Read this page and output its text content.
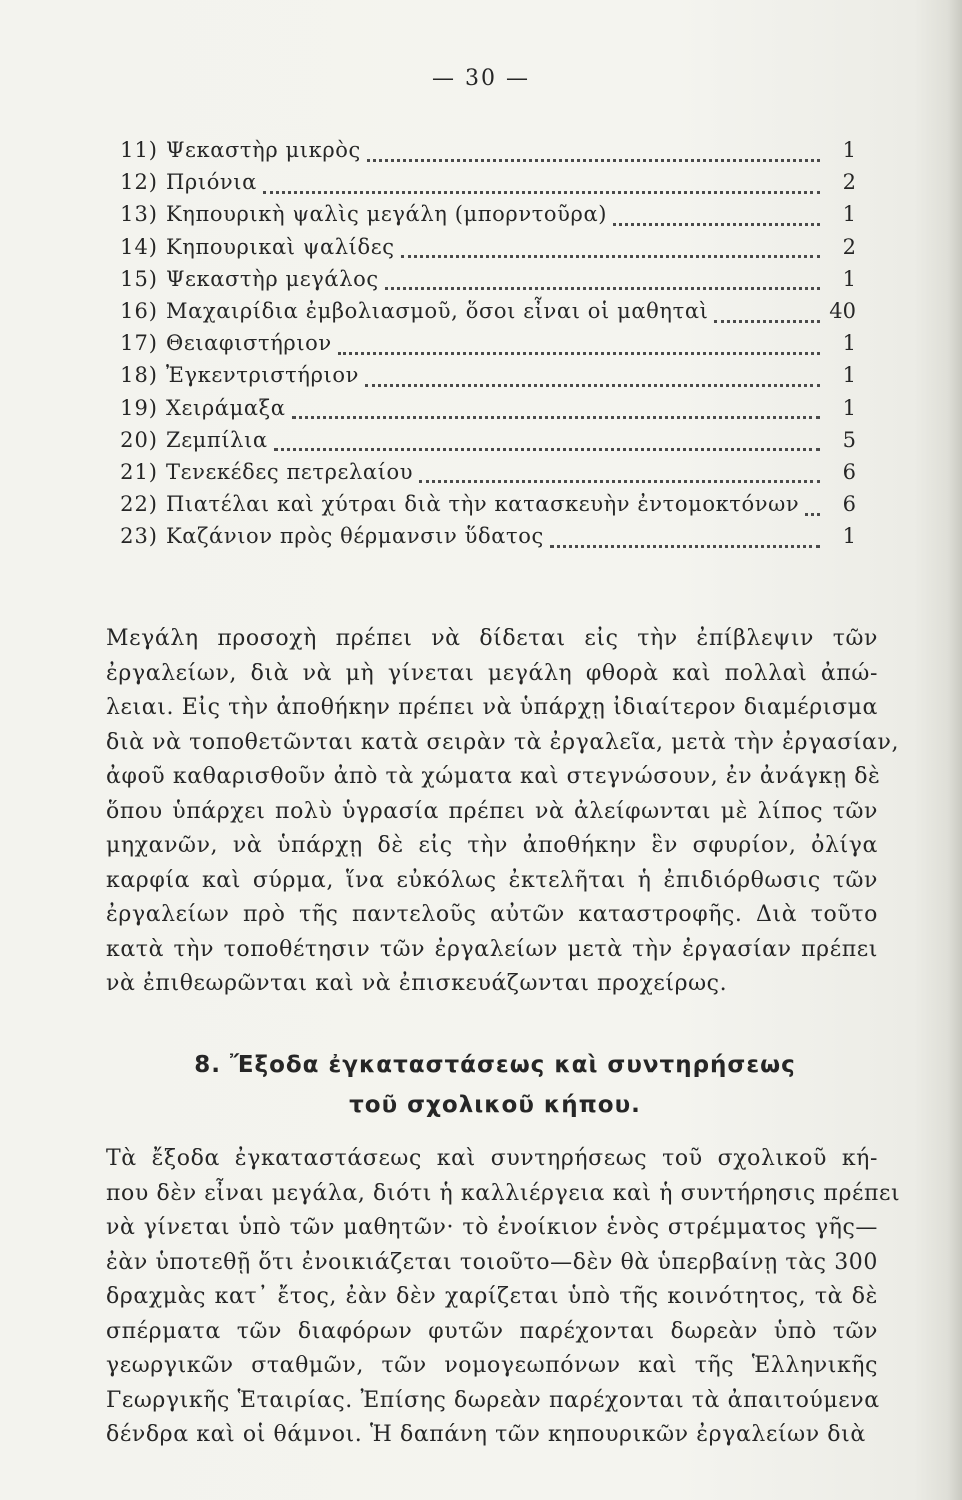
— 30 —
11) Ψεκαστὴρ μικρὸς	1
12) Πριόνια	2
13) Κηπουρικὴ ψαλὶς μεγάλη (μπορντοῦρα)	1
14) Κηπουρικαὶ ψαλίδες	2
15) Ψεκαστὴρ μεγάλος	1
16) Μαχαιρίδια ἐμβολιασμοῦ, ὅσοι εἶναι οἱ μαθηταὶ	40
17) Θειαφιστήριον	1
18) Ἐγκεντριστήριον	1
19) Χειράμαξα	1
20) Ζεμπίλια	5
21) Τενεκέδες πετρελαίου	6
22) Πιατέλαι καὶ χύτραι διὰ τὴν κατασκευὴν ἐντομοκτόνων	6
23) Καζάνιον πρὸς θέρμανσιν ὕδατος	1
Μεγάλη προσοχὴ πρέπει νὰ δίδεται εἰς τὴν ἐπίβλεψιν τῶν
ἐργαλείων, διὰ νὰ μὴ γίνεται μεγάλη φθορὰ καὶ πολλαὶ ἀπώ-
λειαι. Εἰς τὴν ἀποθήκην πρέπει νὰ ὑπάρχῃ ἰδιαίτερον διαμέρισμα
διὰ νὰ τοποθετῶνται κατὰ σειρὰν τὰ ἐργαλεῖα, μετὰ τὴν ἐργασίαν,
ἀφοῦ καθαρισθοῦν ἀπὸ τὰ χώματα καὶ στεγνώσουν, ἐν ἀνάγκῃ δὲ
ὅπου ὑπάρχει πολὺ ὑγρασία πρέπει νὰ ἀλείφωνται μὲ λίπος τῶν
μηχανῶν, νὰ ὑπάρχῃ δὲ εἰς τὴν ἀποθήκην ἓν σφυρίον, ὀλίγα
καρφία καὶ σύρμα, ἵνα εὐκόλως ἐκτελῆται ἡ ἐπιδιόρθωσις τῶν
ἐργαλείων πρὸ τῆς παντελοῦς αὐτῶν καταστροφῆς. Διὰ τοῦτο
κατὰ τὴν τοποθέτησιν τῶν ἐργαλείων μετὰ τὴν ἐργασίαν πρέπει
νὰ ἐπιθεωρῶνται καὶ νὰ ἐπισκευάζωνται προχείρως.
8. Ἔξοδα ἐγκαταστάσεως καὶ συντηρήσεως
τοῦ σχολικοῦ κήπου.
Τὰ ἔξοδα ἐγκαταστάσεως καὶ συντηρήσεως τοῦ σχολικοῦ κή-
που δὲν εἶναι μεγάλα, διότι ἡ καλλιέργεια καὶ ἡ συντήρησις πρέπει
νὰ γίνεται ὑπὸ τῶν μαθητῶν· τὸ ἐνοίκιον ἑνὸς στρέμματος γῆς—
ἐὰν ὑποτεθῇ ὅτι ἐνοικιάζεται τοιοῦτο—δὲν θὰ ὑπερβαίνῃ τὰς 300
δραχμὰς κατ᾽ ἔτος, ἐὰν δὲν χαρίζεται ὑπὸ τῆς κοινότητος, τὰ δὲ
σπέρματα τῶν διαφόρων φυτῶν παρέχονται δωρεὰν ὑπὸ τῶν
γεωργικῶν σταθμῶν, τῶν νομογεωπόνων καὶ τῆς Ἑλληνικῆς
Γεωργικῆς Ἑταιρίας. Ἐπίσης δωρεὰν παρέχονται τὰ ἀπαιτούμενα
δένδρα καὶ οἱ θάμνοι. Ἡ δαπάνη τῶν κηπουρικῶν ἐργαλείων διὰ
